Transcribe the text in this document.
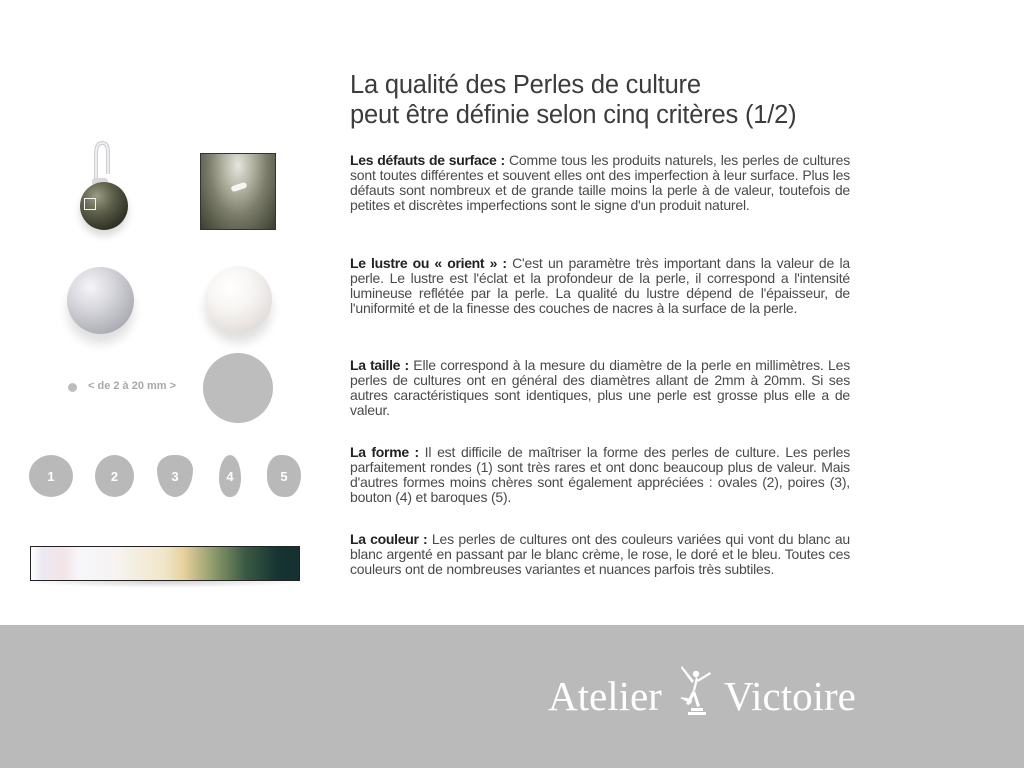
La qualité des Perles de culture
peut être définie selon cinq critères (1/2)
Les défauts de surface : Comme tous les produits naturels, les perles de cultures sont toutes différentes et souvent elles ont des imperfection à leur surface. Plus les défauts sont nombreux et de grande taille moins la perle à de valeur, toutefois de petites et discrètes imperfections sont le signe d'un produit naturel.
Le lustre ou « orient » : C'est un paramètre très important dans la valeur de la perle. Le lustre est l'éclat et la profondeur de la perle, il correspond a l'intensité lumineuse reflétée par la perle. La qualité du lustre dépend de l'épaisseur, de l'uniformité et de la finesse des couches de nacres à la surface de la perle.
La taille : Elle correspond à la mesure du diamètre de la perle en millimètres. Les perles de cultures ont en général des diamètres allant de 2mm à 20mm. Si ses autres caractéristiques sont identiques, plus une perle est grosse plus elle a de valeur.
La forme : Il est difficile de maîtriser la forme des perles de culture. Les perles parfaitement rondes (1) sont très rares et ont donc beaucoup plus de valeur. Mais d'autres formes moins chères sont également appréciées : ovales (2), poires (3), bouton (4) et baroques (5).
La couleur : Les perles de cultures ont des couleurs variées qui vont du blanc au blanc argenté en passant par le blanc crème, le rose, le doré et le bleu. Toutes ces couleurs ont de nombreuses variantes et nuances parfois très subtiles.
< de 2 à 20 mm >
1	2	3	4	5
Atelier Victoire
